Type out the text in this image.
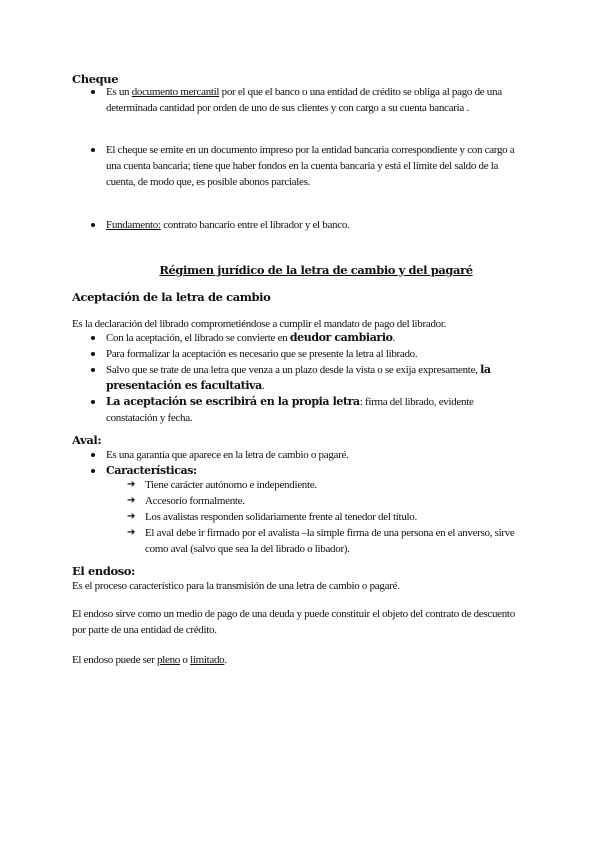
Cheque
Es un documento mercantil por el que el banco o una entidad de crédito se obliga al pago de una determinada cantidad por orden de uno de sus clientes y con cargo a su cuenta bancaria .
El cheque se emite en un documento impreso por la entidad bancaria correspondiente y con cargo a una cuenta bancaria; tiene que haber fondos en la cuenta bancaria y está el límite del saldo de la cuenta, de modo que, es posible abonos parciales.
Fundamento: contrato bancario entre el librador y el banco.
Régimen jurídico de la letra de cambio y del pagaré
Aceptación de la letra de cambio
Es la declaración del librado comprometiéndose a cumplir el mandato de pago del librador.
Con la aceptación, el librado se convierte en deudor cambiario.
Para formalizar la aceptación es necesario que se presente la letra al librado.
Salvo que se trate de una letra que venza a un plazo desde la vista o se exija expresamente, la presentación es facultativa.
La aceptación se escribirá en la propia letra: firma del librado, evidente constatación y fecha.
Aval:
Es una garantía que aparece en la letra de cambio o pagaré.
Características:
➔ Tiene carácter autónomo e independiente.
➔ Accesorio formalmente.
➔ Los avalistas responden solidariamente frente al tenedor del título.
➔ El aval debe ir firmado por el avalista –la simple firma de una persona en el anverso, sirve como aval (salvo que sea la del librado o libador).
El endoso:
Es el proceso característico para la transmisión de una letra de cambio o pagaré.
El endoso sirve como un medio de pago de una deuda y puede constituir el objeto del contrato de descuento por parte de una entidad de crédito.
El endoso puede ser pleno o limitado.
